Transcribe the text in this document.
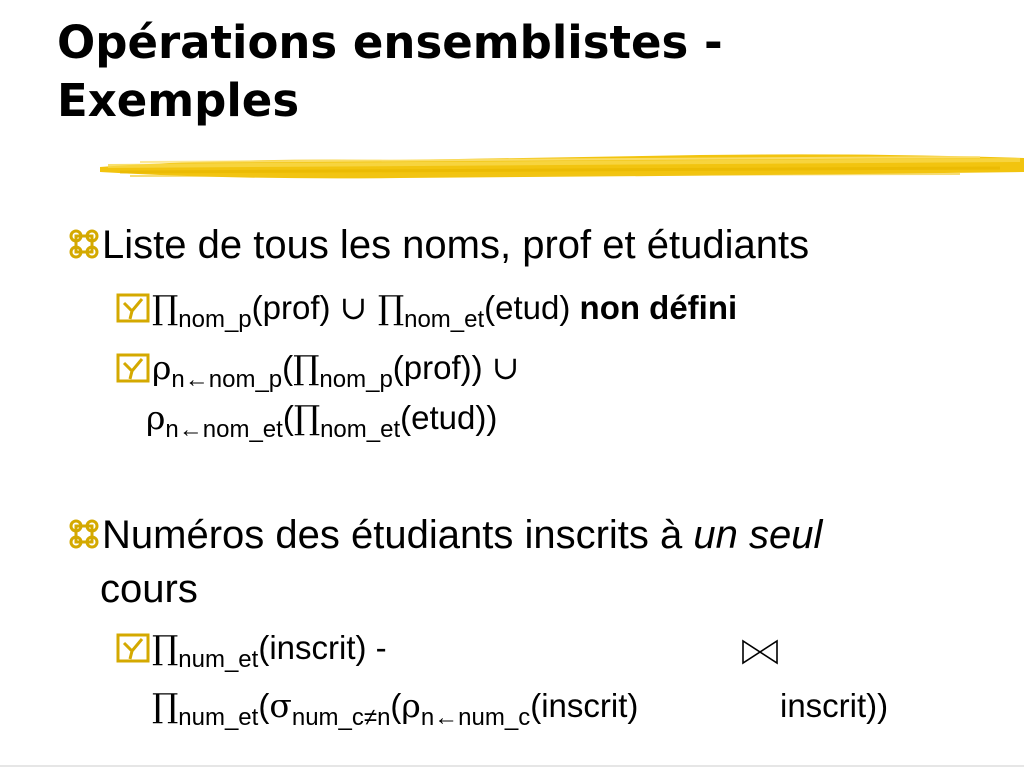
Opérations ensemblistes -
Exemples
Liste de tous les noms, prof et étudiants
$\prod_{nom\_p}(prof)$ ∪ $\prod_{nom\_et}(etud)$ non défini
$\rho_{n\leftarrow nom\_p}(\prod_{nom\_p}(prof))$ ∪
$\rho_{n\leftarrow nom\_et}(\prod_{nom\_et}(etud))$
Numéros des étudiants inscrits à un seul
cours
$\prod_{num\_et}(inscrit)$ -
$\prod_{num\_et}(\sigma_{num\_c\ne n}(\rho_{n\leftarrow num\_c}(inscrit)$	inscrit))
